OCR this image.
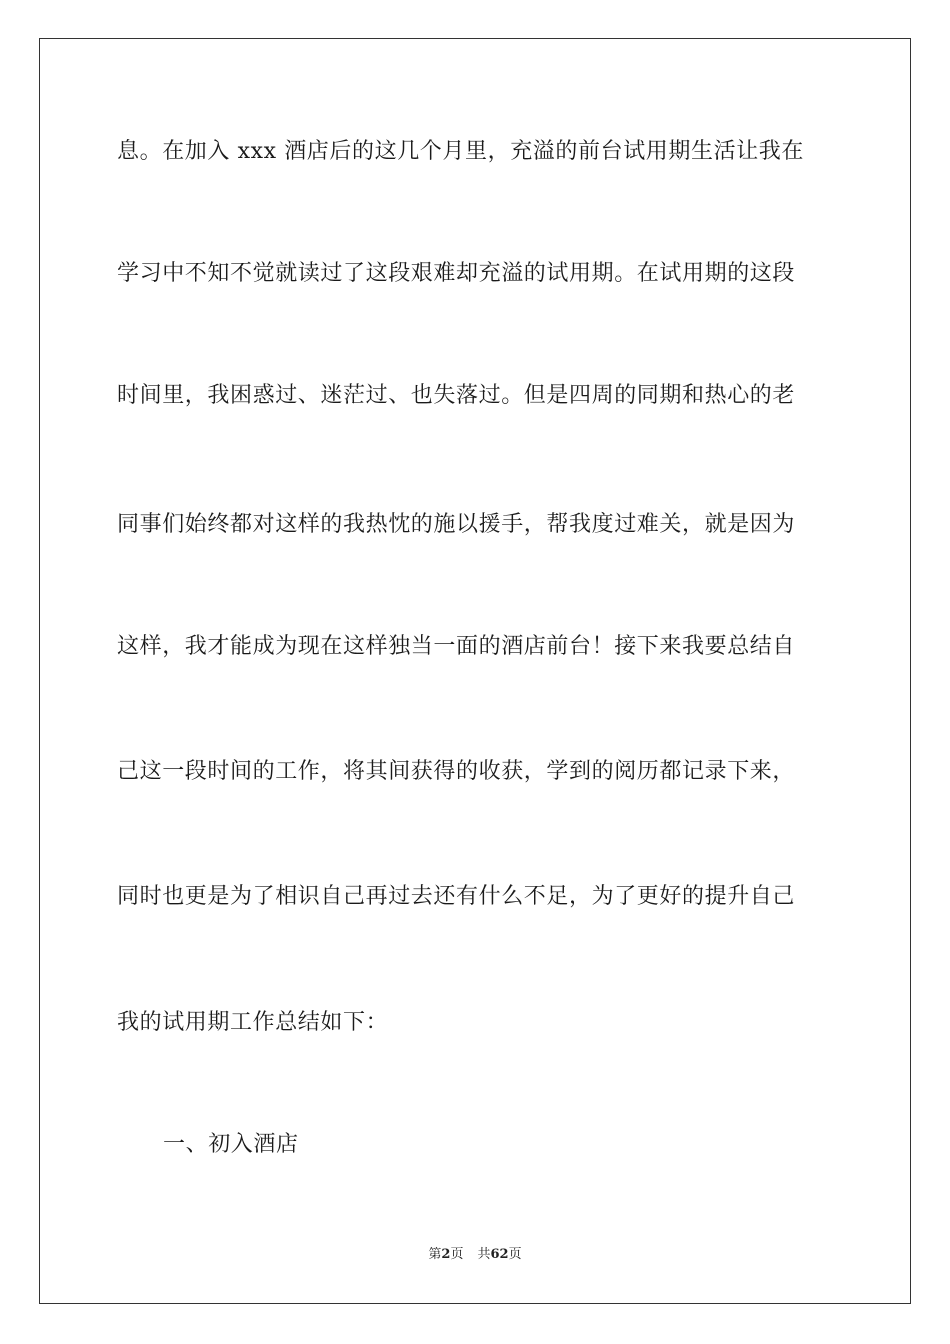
息。在加入 xxx 酒店后的这几个月里，充溢的前台试用期生活让我在
学习中不知不觉就读过了这段艰难却充溢的试用期。在试用期的这段
时间里，我困惑过、迷茫过、也失落过。但是四周的同期和热心的老
同事们始终都对这样的我热忱的施以援手，帮我度过难关，就是因为
这样，我才能成为现在这样独当一面的酒店前台！接下来我要总结自
己这一段时间的工作，将其间获得的收获，学到的阅历都记录下来，
同时也更是为了相识自己再过去还有什么不足，为了更好的提升自己
我的试用期工作总结如下：
一、初入酒店
第2页 共62页
